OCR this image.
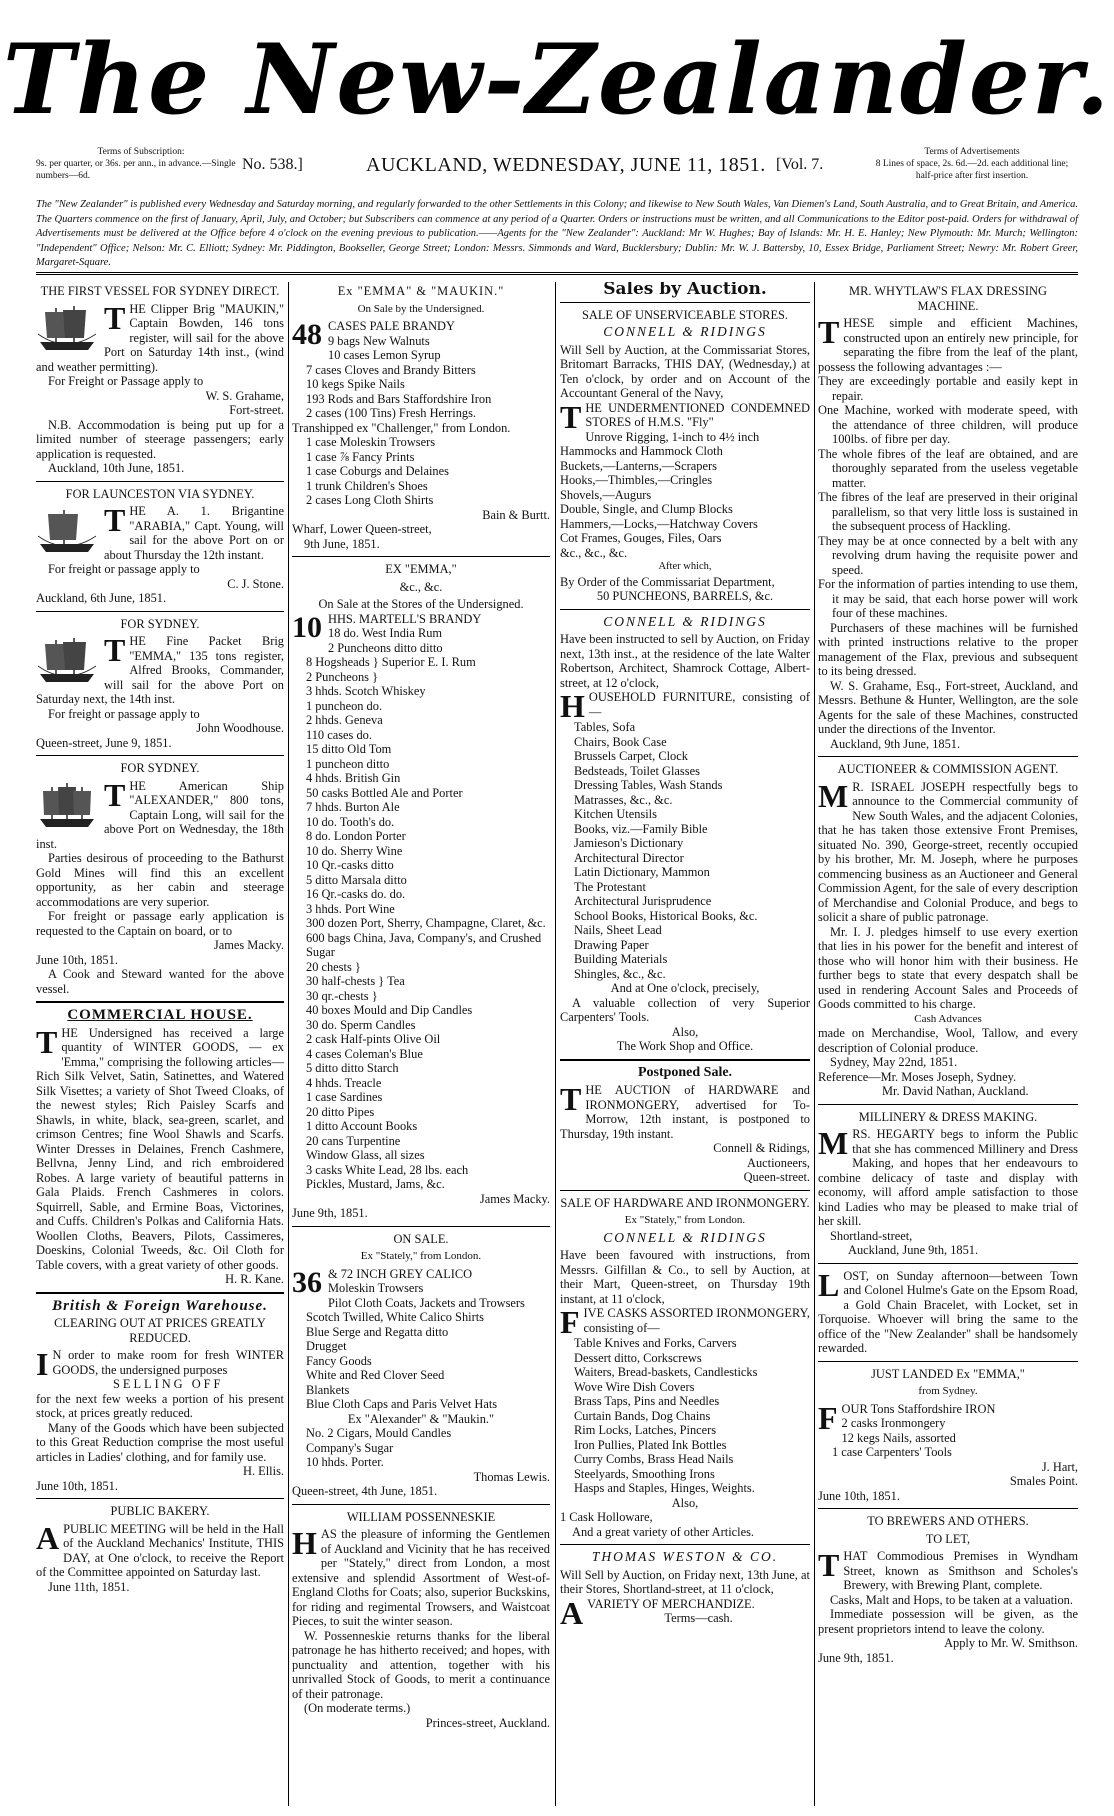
The New-Zealander.
Terms of Subscription:
9s. per quarter, or 36s. per ann., in advance.—Single numbers—6d.
No. 538.]	AUCKLAND, WEDNESDAY, JUNE 11, 1851. [Vol. 7.
Terms of Advertisements
8 Lines of space, 2s. 6d.—2d. each additional line; half-price after first insertion.
The "New Zealander" is published every Wednesday and Saturday morning, and regularly forwarded to the other Settlements in this Colony; and likewise to New South Wales, Van Diemen's Land, South Australia, and to Great Britain, and America. The Quarters commence on the first of January, April, July, and October; but Subscribers can commence at any period of a Quarter. Orders or instructions must be written, and all Communications to the Editor post-paid. Orders for withdrawal of Advertisements must be delivered at the Office before 4 o'clock on the evening previous to publication.——Agents for the "New Zealander": Auckland: Mr W. Hughes; Bay of Islands: Mr. H. E. Hanley; New Plymouth: Mr. Murch; Wellington: "Independent" Office; Nelson: Mr. C. Elliott; Sydney: Mr. Piddington, Bookseller, George Street; London: Messrs. Simmonds and Ward, Bucklersbury; Dublin: Mr. W. J. Battersby, 10, Essex Bridge, Parliament Street; Newry: Mr. Robert Greer, Margaret-Square.
THE FIRST VESSEL FOR SYDNEY DIRECT.

THE Clipper Brig "MAUKIN," Captain Bowden, 146 tons register, will sail for the above Port on Saturday 14th inst., (wind and weather permitting).

For Freight or Passage apply to

W. S. Grahame,

Fort-street.

N.B. Accommodation is being put up for a limited number of steerage passengers; early application is requested.

Auckland, 10th June, 1851.

FOR LAUNCESTON VIA SYDNEY.

THE A. 1. Brigantine "ARABIA," Capt. Young, will sail for the above Port on or about Thursday the 12th instant.

For freight or passage apply to

C. J. Stone.

Auckland, 6th June, 1851.

FOR SYDNEY.

THE Fine Packet Brig "EMMA," 135 tons register, Alfred Brooks, Commander, will sail for the above Port on Saturday next, the 14th inst.

For freight or passage apply to

John Woodhouse.

Queen-street, June 9, 1851.

FOR SYDNEY.

THE American Ship "ALEXANDER," 800 tons, Captain Long, will sail for the above Port on Wednesday, the 18th inst.

Parties desirous of proceeding to the Bathurst Gold Mines will find this an excellent opportunity, as her cabin and steerage accommodations are very superior.

For freight or passage early application is requested to the Captain on board, or to

James Macky.

June 10th, 1851.

A Cook and Steward wanted for the above vessel.

COMMERCIAL HOUSE.

THE Undersigned has received a large quantity of WINTER GOODS, — ex 'Emma," comprising the following articles— Rich Silk Velvet, Satin, Satinettes, and Watered Silk Visettes; a variety of Shot Tweed Cloaks, of the newest styles; Rich Paisley Scarfs and Shawls, in white, black, sea-green, scarlet, and crimson Centres; fine Wool Shawls and Scarfs. Winter Dresses in Delaines, French Cashmere, Bellvna, Jenny Lind, and rich embroidered Robes. A large variety of beautiful patterns in Gala Plaids. French Cashmeres in colors. Squirrell, Sable, and Ermine Boas, Victorines, and Cuffs. Children's Polkas and California Hats. Woollen Cloths, Beavers, Pilots, Cassimeres, Doeskins, Colonial Tweeds, &c. Oil Cloth for Table covers, with a great variety of other goods.

H. R. Kane.

British & Foreign Warehouse.
CLEARING OUT AT PRICES GREATLY REDUCED.

I N order to make room for fresh WINTER GOODS, the undersigned purposes

SELLING OFF

for the next few weeks a portion of his present stock, at prices greatly reduced.

Many of the Goods which have been subjected to this Great Reduction comprise the most useful articles in Ladies' clothing, and for family use.

H. Ellis.

June 10th, 1851.

PUBLIC BAKERY.

APUBLIC MEETING will be held in the Hall of the Auckland Mechanics' Institute, THIS DAY, at One o'clock, to receive the Report of the Committee appointed on Saturday last.

June 11th, 1851.

Ex "EMMA" & "MAUKIN."
On Sale by the Undersigned.

48 CASES PALE BRANDY

9 bags New Walnuts
10 cases Lemon Syrup
7 cases Cloves and Brandy Bitters
10 kegs Spike Nails
193 Rods and Bars Staffordshire Iron
2 cases (100 Tins) Fresh Herrings.

Transhipped ex "Challenger," from London.

1 case Moleskin Trowsers
1 case ⅞ Fancy Prints
1 case Coburgs and Delaines
1 trunk Children's Shoes
2 cases Long Cloth Shirts

Bain & Burtt.

Wharf, Lower Queen-street,

9th June, 1851.

EX "EMMA,"
&c., &c.

On Sale at the Stores of the Undersigned.

10 HHS. MARTELL'S BRANDY

18 do. West India Rum
2 Puncheons ditto ditto
8 Hogsheads } Superior E. I. Rum
2 Puncheons }
3 hhds. Scotch Whiskey
1 puncheon do.
2 hhds. Geneva
110 cases do.
15 ditto Old Tom
1 puncheon ditto
4 hhds. British Gin
50 casks Bottled Ale and Porter
7 hhds. Burton Ale
10 do. Tooth's do.
8 do. London Porter
10 do. Sherry Wine
10 Qr.-casks ditto
5 ditto Marsala ditto
16 Qr.-casks do. do.
3 hhds. Port Wine
300 dozen Port, Sherry, Champagne, Claret, &c.
600 bags China, Java, Company's, and Crushed Sugar
20 chests }
30 half-chests } Tea
30 qr.-chests }
40 boxes Mould and Dip Candles
30 do. Sperm Candles
2 cask Half-pints Olive Oil
4 cases Coleman's Blue
5 ditto ditto Starch
4 hhds. Treacle
1 case Sardines
20 ditto Pipes
1 ditto Account Books
20 cans Turpentine
Window Glass, all sizes
3 casks White Lead, 28 lbs. each
Pickles, Mustard, Jams, &c.

James Macky.

June 9th, 1851.

ON SALE.
Ex "Stately," from London.

36 & 72 INCH GREY CALICO

Moleskin Trowsers
Pilot Cloth Coats, Jackets and Trowsers
Scotch Twilled, White Calico Shirts
Blue Serge and Regatta ditto
Drugget
Fancy Goods
White and Red Clover Seed
Blankets
Blue Cloth Caps and Paris Velvet Hats

Ex "Alexander" & "Maukin."

No. 2 Cigars, Mould Candles
Company's Sugar
10 hhds. Porter.

Thomas Lewis.

Queen-street, 4th June, 1851.

WILLIAM POSSENNESKIE

HAS the pleasure of informing the Gentlemen of Auckland and Vicinity that he has received per "Stately," direct from London, a most extensive and splendid Assortment of West-of-England Cloths for Coats; also, superior Buckskins, for riding and regimental Trowsers, and Waistcoat Pieces, to suit the winter season.

W. Possenneskie returns thanks for the liberal patronage he has hitherto received; and hopes, with punctuality and attention, together with his unrivalled Stock of Goods, to merit a continuance of their patronage.

(On moderate terms.)

Princes-street, Auckland.

Sales by Auction.
SALE OF UNSERVICEABLE STORES.
CONNELL & RIDINGS

Will Sell by Auction, at the Commissariat Stores, Britomart Barracks, THIS DAY, (Wednesday,) at Ten o'clock, by order and on Account of the Accountant General of the Navy,

THE UNDERMENTIONED CONDEMNED STORES of H.M.S. "Fly"

Unrove Rigging, 1-inch to 4½ inch
Hammocks and Hammock Cloth
Buckets,—Lanterns,—Scrapers
Hooks,—Thimbles,—Cringles
Shovels,—Augurs
Double, Single, and Clump Blocks
Hammers,—Locks,—Hatchway Covers
Cot Frames, Gouges, Files, Oars
&c., &c., &c.

After which,

By Order of the Commissariat Department,

50 PUNCHEONS, BARRELS, &c.

CONNELL & RIDINGS

Have been instructed to sell by Auction, on Friday next, 13th inst., at the residence of the late Walter Robertson, Architect, Shamrock Cottage, Albert-street, at 12 o'clock,

HOUSEHOLD FURNITURE, consisting of—

Tables, Sofa
Chairs, Book Case
Brussels Carpet, Clock
Bedsteads, Toilet Glasses
Dressing Tables, Wash Stands
Matrasses, &c., &c.
Kitchen Utensils
Books, viz.—Family Bible
Jamieson's Dictionary
Architectural Director
Latin Dictionary, Mammon
The Protestant
Architectural Jurisprudence
School Books, Historical Books, &c.
Nails, Sheet Lead
Drawing Paper
Building Materials
Shingles, &c., &c.

And at One o'clock, precisely,

A valuable collection of very Superior Carpenters' Tools.

Also,

The Work Shop and Office.

Postponed Sale.

THE AUCTION of HARDWARE and IRONMONGERY, advertised for To-Morrow, 12th instant, is postponed to Thursday, 19th instant.

Connell & Ridings,

Auctioneers,

Queen-street.

SALE OF HARDWARE AND IRONMONGERY.

Ex "Stately," from London.

CONNELL & RIDINGS

Have been favoured with instructions, from Messrs. Gilfillan & Co., to sell by Auction, at their Mart, Queen-street, on Thursday 19th instant, at 11 o'clock,

FIVE CASKS ASSORTED IRONMONGERY, consisting of—

Table Knives and Forks, Carvers
Dessert ditto, Corkscrews
Waiters, Bread-baskets, Candlesticks
Wove Wire Dish Covers
Brass Taps, Pins and Needles
Curtain Bands, Dog Chains
Rim Locks, Latches, Pincers
Iron Pullies, Plated Ink Bottles
Curry Combs, Brass Head Nails
Steelyards, Smoothing Irons
Hasps and Staples, Hinges, Weights.

Also,

1 Cask Holloware,

And a great variety of other Articles.

THOMAS WESTON & CO.

Will Sell by Auction, on Friday next, 13th June, at their Stores, Shortland-street, at 11 o'clock,

AVARIETY OF MERCHANDIZE.

Terms—cash.

MR. WHYTLAW'S FLAX DRESSING MACHINE.

THESE simple and efficient Machines, constructed upon an entirely new principle, for separating the fibre from the leaf of the plant, possess the following advantages :—

They are exceedingly portable and easily kept in repair.

One Machine, worked with moderate speed, with the attendance of three children, will produce 100lbs. of fibre per day.

The whole fibres of the leaf are obtained, and are thoroughly separated from the useless vegetable matter.

The fibres of the leaf are preserved in their original parallelism, so that very little loss is sustained in the subsequent process of Hackling.

They may be at once connected by a belt with any revolving drum having the requisite power and speed.

For the information of parties intending to use them, it may be said, that each horse power will work four of these machines.

Purchasers of these machines will be furnished with printed instructions relative to the proper management of the Flax, previous and subsequent to its being dressed.

W. S. Grahame, Esq., Fort-street, Auckland, and Messrs. Bethune & Hunter, Wellington, are the sole Agents for the sale of these Machines, constructed under the directions of the Inventor.

Auckland, 9th June, 1851.

AUCTIONEER & COMMISSION AGENT.

M R. ISRAEL JOSEPH respectfully begs to announce to the Commercial community of New South Wales, and the adjacent Colonies, that he has taken those extensive Front Premises, situated No. 390, George-street, recently occupied by his brother, Mr. M. Joseph, where he purposes commencing business as an Auctioneer and General Commission Agent, for the sale of every description of Merchandise and Colonial Produce, and begs to solicit a share of public patronage.

Mr. I. J. pledges himself to use every exertion that lies in his power for the benefit and interest of those who will honor him with their business. He further begs to state that every despatch shall be used in rendering Account Sales and Proceeds of Goods committed to his charge.

Cash Advances

made on Merchandise, Wool, Tallow, and every description of Colonial produce.

Sydney, May 22nd, 1851.

Reference—Mr. Moses Joseph, Sydney.

Mr. David Nathan, Auckland.

MILLINERY & DRESS MAKING.

MRS. HEGARTY begs to inform the Public that she has commenced Millinery and Dress Making, and hopes that her endeavours to combine delicacy of taste and display with economy, will afford ample satisfaction to those kind Ladies who may be pleased to make trial of her skill.

Shortland-street,

Auckland, June 9th, 1851.

LOST, on Sunday afternoon—between Town and Colonel Hulme's Gate on the Epsom Road, a Gold Chain Bracelet, with Locket, set in Torquoise. Whoever will bring the same to the office of the "New Zealander" shall be handsomely rewarded.

JUST LANDED Ex "EMMA,"
from Sydney.

FOUR Tons Staffordshire IRON

2 casks Ironmongery
12 kegs Nails, assorted
1 case Carpenters' Tools

J. Hart,

Smales Point.

June 10th, 1851.

TO BREWERS AND OTHERS.
TO LET,

THAT Commodious Premises in Wyndham Street, known as Smithson and Scholes's Brewery, with Brewing Plant, complete.

Casks, Malt and Hops, to be taken at a valuation.

Immediate possession will be given, as the present proprietors intend to leave the colony.

Apply to Mr. W. Smithson.

June 9th, 1851.
